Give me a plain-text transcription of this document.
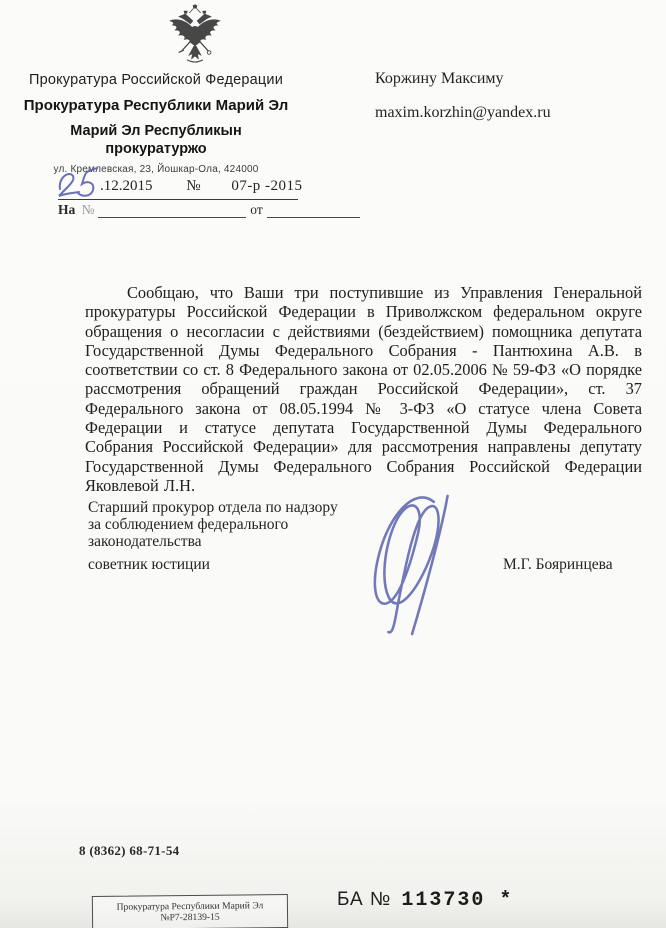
Прокуратура Российской Федерации
Прокуратура Республики Марий Эл
Марий Эл Республикын
прокуратуржо
ул. Кремлевская, 23, Йошкар-Ола, 424000
.12.2015 № 07-р -2015
На №	от
Коржину Максиму
maxim.korzhin@yandex.ru
Сообщаю, что Ваши три поступившие из Управления Генеральной прокуратуры Российской Федерации в Приволжском федеральном округе обращения о несогласии с действиями (бездействием) помощника депутата Государственной Думы Федерального Собрания - Пантюхина А.В. в соответствии со ст. 8 Федерального закона от 02.05.2006 № 59-ФЗ «О порядке рассмотрения обращений граждан Российской Федерации», ст. 37 Федерального закона от 08.05.1994 № 3-ФЗ «О статусе члена Совета Федерации и статусе депутата Государственной Думы Федерального Собрания Российской Федерации» для рассмотрения направлены депутату Государственной Думы Федерального Собрания Российской Федерации Яковлевой Л.Н.
Старший прокурор отдела по надзору
за соблюдением федерального
законодательства
советник юстиции	М.Г. Бояринцева
8 (8362) 68-71-54
Прокуратура Республики Марий Эл
№Р7-28139-15
БА № 113730 *
